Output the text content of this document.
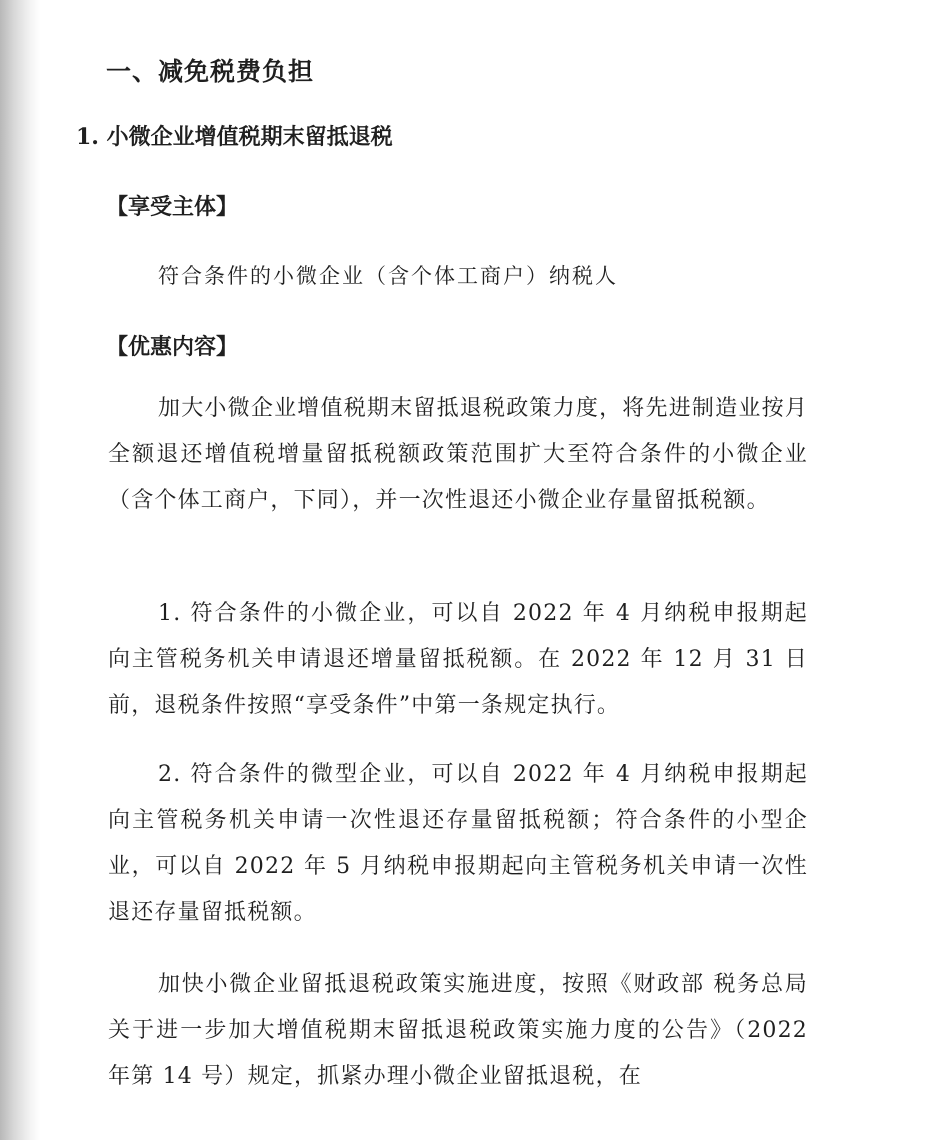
一、减免税费负担
1. 小微企业增值税期末留抵退税
【享受主体】
符合条件的小微企业（含个体工商户）纳税人
【优惠内容】
加大小微企业增值税期末留抵退税政策力度，将先进制造业按月全额退还增值税增量留抵税额政策范围扩大至符合条件的小微企业（含个体工商户，下同），并一次性退还小微企业存量留抵税额。
1. 符合条件的小微企业，可以自 2022 年 4 月纳税申报期起向主管税务机关申请退还增量留抵税额。在 2022 年 12 月 31 日前，退税条件按照“享受条件”中第一条规定执行。
2. 符合条件的微型企业，可以自 2022 年 4 月纳税申报期起向主管税务机关申请一次性退还存量留抵税额；符合条件的小型企业，可以自 2022 年 5 月纳税申报期起向主管税务机关申请一次性退还存量留抵税额。
加快小微企业留抵退税政策实施进度，按照《财政部 税务总局关于进一步加大增值税期末留抵退税政策实施力度的公告》（2022 年第 14 号）规定，抓紧办理小微企业留抵退税，在
